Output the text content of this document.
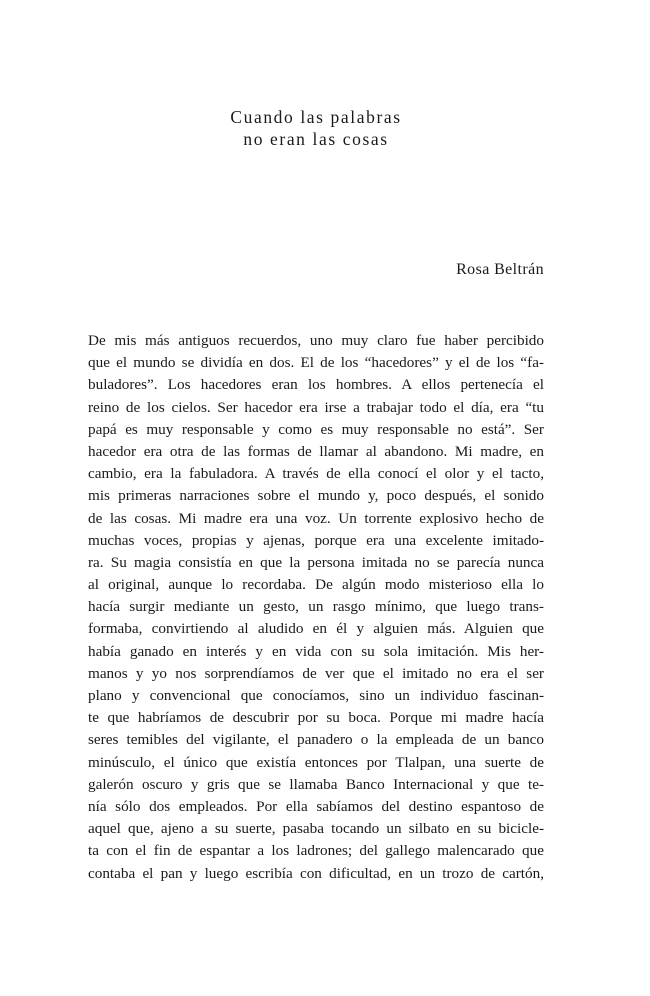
Cuando las palabras
no eran las cosas

Rosa Beltrán

De mis más antiguos recuerdos, uno muy claro fue haber percibido
que el mundo se dividía en dos. El de los “hacedores” y el de los “fa-
buladores”. Los hacedores eran los hombres. A ellos pertenecía el
reino de los cielos. Ser hacedor era irse a trabajar todo el día, era “tu
papá es muy responsable y como es muy responsable no está”. Ser
hacedor era otra de las formas de llamar al abandono. Mi madre, en
cambio, era la fabuladora. A través de ella conocí el olor y el tacto,
mis primeras narraciones sobre el mundo y, poco después, el sonido
de las cosas. Mi madre era una voz. Un torrente explosivo hecho de
muchas voces, propias y ajenas, porque era una excelente imitado-
ra. Su magia consistía en que la persona imitada no se parecía nunca
al original, aunque lo recordaba. De algún modo misterioso ella lo
hacía surgir mediante un gesto, un rasgo mínimo, que luego trans-
formaba, convirtiendo al aludido en él y alguien más. Alguien que
había ganado en interés y en vida con su sola imitación. Mis her-
manos y yo nos sorprendíamos de ver que el imitado no era el ser
plano y convencional que conocíamos, sino un individuo fascinan-
te que habríamos de descubrir por su boca. Porque mi madre hacía
seres temibles del vigilante, el panadero o la empleada de un banco
minúsculo, el único que existía entonces por Tlalpan, una suerte de
galerón oscuro y gris que se llamaba Banco Internacional y que te-
nía sólo dos empleados. Por ella sabíamos del destino espantoso de
aquel que, ajeno a su suerte, pasaba tocando un silbato en su bicicle-
ta con el fin de espantar a los ladrones; del gallego malencarado que
contaba el pan y luego escribía con dificultad, en un trozo de cartón,
